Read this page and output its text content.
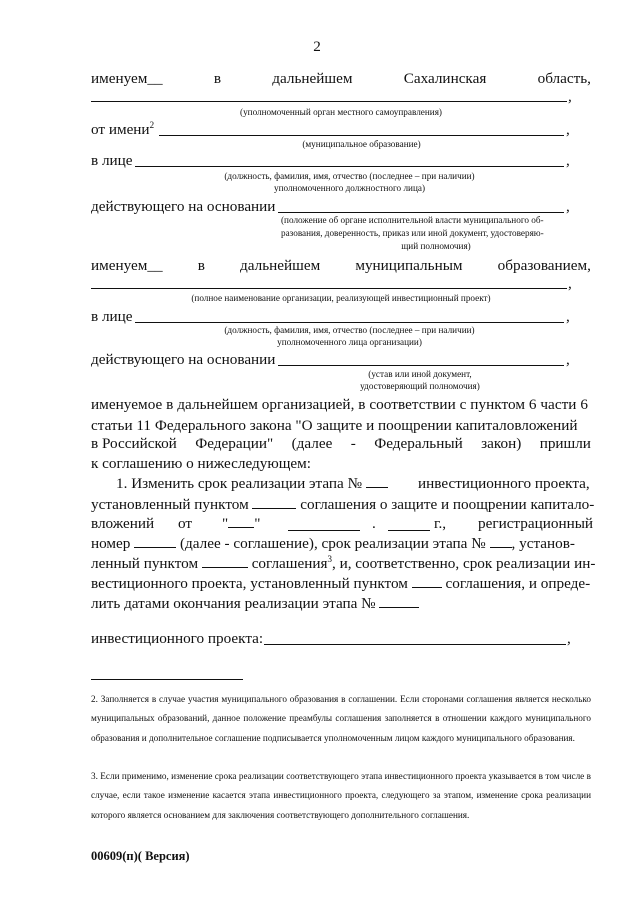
2
именуем__	в	дальнейшем	Сахалинская	область,
,
(уполномоченный орган местного самоуправления)
от имени$^2$	,
(муниципальное образование)
в лице	,
(должность, фамилия, имя, отчество (последнее – при наличии)
уполномоченного должностного лица)
действующего на основании	,
(положение об органе исполнительной власти муниципального об-
разования, доверенность, приказ или иной документ, удостоверяю-
щий полномочия)
именуем__ в дальнейшем муниципальным образованием,
,
(полное наименование организации, реализующей инвестиционный проект)
в лице	,
(должность, фамилия, имя, отчество (последнее – при наличии)
уполномоченного лица организации)
действующего на основании	,
(устав или иной документ,
удостоверяющий полномочия)
именуемое в дальнейшем организацией, в соответствии с пунктом 6 части 6
статьи 11 Федерального закона "О защите и поощрении капиталовложений
в Российской Федерации" (далее - Федеральный закон) пришли
к соглашению о нижеследующем:
1. Изменить срок реализации этапа №	инвестиционного проекта,
установленный пунктом	соглашения о защите и поощрении капитало-
вложений от " "	.	г., регистрационный
номер	(далее - соглашение), срок реализации этапа № , установ-
ленный пунктом	соглашения$^3$, и, соответственно, срок реализации ин-
вестиционного проекта, установленный пунктом соглашения, и опреде-
лить датами окончания реализации этапа №
инвестиционного проекта:	,
2. Заполняется в случае участия муниципального образования в соглашении. Если сторонами соглашения является несколько муниципальных образований, данное положение преамбулы соглашения заполняется в отношении каждого муниципального образования и дополнительное соглашение подписывается уполномоченным лицом каждого муниципального образования.
3. Если применимо, изменение срока реализации соответствующего этапа инвестиционного проекта указывается в том числе в случае, если такое изменение касается этапа инвестиционного проекта, следующего за этапом, изменение срока реализации которого является основанием для заключения соответствующего дополнительного соглашения.
00609(п)( Версия)
